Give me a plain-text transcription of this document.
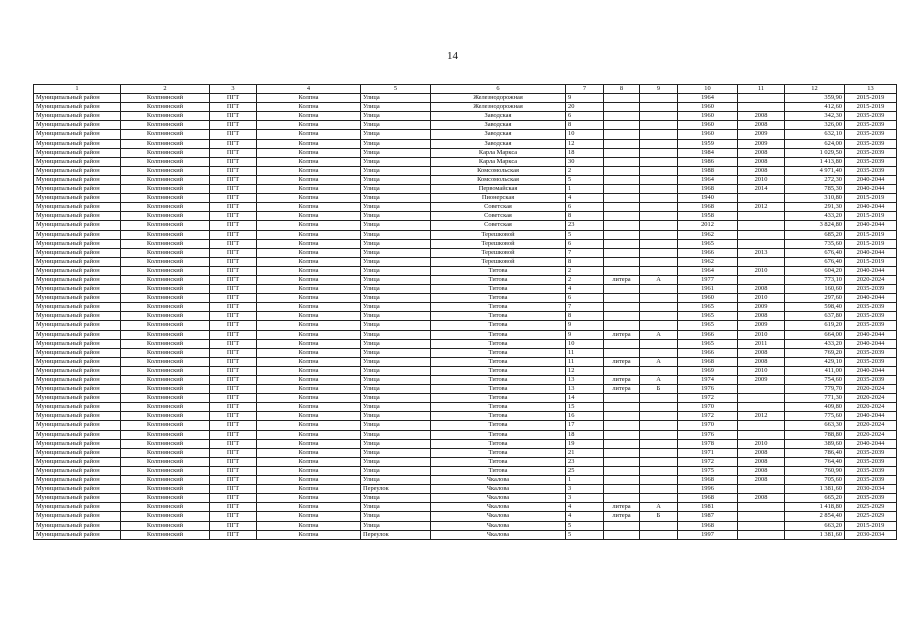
14
1	2	3	4	5	6	7	8	9	10	11	12	13
Муниципальный район	Колпнянский	ПГТ	Колпна	Улица	Железнодорожная	9			1964		359,90	2015-2019
Муниципальный район	Колпнянский	ПГТ	Колпна	Улица	Железнодорожная	20			1960		412,60	2015-2019
Муниципальный район	Колпнянский	ПГТ	Колпна	Улица	Заводская	6			1960	2008	342,30	2035-2039
Муниципальный район	Колпнянский	ПГТ	Колпна	Улица	Заводская	8			1960	2008	326,00	2035-2039
Муниципальный район	Колпнянский	ПГТ	Колпна	Улица	Заводская	10			1960	2009	632,10	2035-2039
Муниципальный район	Колпнянский	ПГТ	Колпна	Улица	Заводская	12			1959	2009	624,00	2035-2039
Муниципальный район	Колпнянский	ПГТ	Колпна	Улица	Карла Маркса	18			1984	2008	1 029,50	2035-2039
Муниципальный район	Колпнянский	ПГТ	Колпна	Улица	Карла Маркса	30			1986	2008	1 413,80	2035-2039
Муниципальный район	Колпнянский	ПГТ	Колпна	Улица	Комсомольская	2			1988	2008	4 971,40	2035-2039
Муниципальный район	Колпнянский	ПГТ	Колпна	Улица	Комсомольская	5			1964	2010	272,30	2040-2044
Муниципальный район	Колпнянский	ПГТ	Колпна	Улица	Первомайская	1			1968	2014	785,30	2040-2044
Муниципальный район	Колпнянский	ПГТ	Колпна	Улица	Пионерская	4			1940		310,80	2015-2019
Муниципальный район	Колпнянский	ПГТ	Колпна	Улица	Советская	6			1968	2012	291,30	2040-2044
Муниципальный район	Колпнянский	ПГТ	Колпна	Улица	Советская	8			1958		433,20	2015-2019
Муниципальный район	Колпнянский	ПГТ	Колпна	Улица	Советская	23			2012		3 824,80	2040-2044
Муниципальный район	Колпнянский	ПГТ	Колпна	Улица	Терешковой	5			1962		685,20	2015-2019
Муниципальный район	Колпнянский	ПГТ	Колпна	Улица	Терешковой	6			1965		735,60	2015-2019
Муниципальный район	Колпнянский	ПГТ	Колпна	Улица	Терешковой	7			1966	2013	676,40	2040-2044
Муниципальный район	Колпнянский	ПГТ	Колпна	Улица	Терешковой	8			1962		676,40	2015-2019
Муниципальный район	Колпнянский	ПГТ	Колпна	Улица	Титова	2			1964	2010	604,20	2040-2044
Муниципальный район	Колпнянский	ПГТ	Колпна	Улица	Титова	2	литера	А	1977		773,10	2020-2024
Муниципальный район	Колпнянский	ПГТ	Колпна	Улица	Титова	4			1961	2008	160,60	2035-2039
Муниципальный район	Колпнянский	ПГТ	Колпна	Улица	Титова	6			1960	2010	297,60	2040-2044
Муниципальный район	Колпнянский	ПГТ	Колпна	Улица	Титова	7			1965	2009	598,40	2035-2039
Муниципальный район	Колпнянский	ПГТ	Колпна	Улица	Титова	8			1965	2008	637,80	2035-2039
Муниципальный район	Колпнянский	ПГТ	Колпна	Улица	Титова	9			1965	2009	619,20	2035-2039
Муниципальный район	Колпнянский	ПГТ	Колпна	Улица	Титова	9	литера	А	1966	2010	664,00	2040-2044
Муниципальный район	Колпнянский	ПГТ	Колпна	Улица	Титова	10			1965	2011	433,20	2040-2044
Муниципальный район	Колпнянский	ПГТ	Колпна	Улица	Титова	11			1966	2008	769,20	2035-2039
Муниципальный район	Колпнянский	ПГТ	Колпна	Улица	Титова	11	литера	А	1968	2008	429,10	2035-2039
Муниципальный район	Колпнянский	ПГТ	Колпна	Улица	Титова	12			1969	2010	411,00	2040-2044
Муниципальный район	Колпнянский	ПГТ	Колпна	Улица	Титова	13	литера	А	1974	2009	754,60	2035-2039
Муниципальный район	Колпнянский	ПГТ	Колпна	Улица	Титова	13	литера	Б	1976		779,70	2020-2024
Муниципальный район	Колпнянский	ПГТ	Колпна	Улица	Титова	14			1972		771,30	2020-2024
Муниципальный район	Колпнянский	ПГТ	Колпна	Улица	Титова	15			1970		409,80	2020-2024
Муниципальный район	Колпнянский	ПГТ	Колпна	Улица	Титова	16			1972	2012	775,60	2040-2044
Муниципальный район	Колпнянский	ПГТ	Колпна	Улица	Титова	17			1970		663,30	2020-2024
Муниципальный район	Колпнянский	ПГТ	Колпна	Улица	Титова	18			1976		788,80	2020-2024
Муниципальный район	Колпнянский	ПГТ	Колпна	Улица	Титова	19			1978	2010	389,60	2040-2044
Муниципальный район	Колпнянский	ПГТ	Колпна	Улица	Титова	21			1971	2008	786,40	2035-2039
Муниципальный район	Колпнянский	ПГТ	Колпна	Улица	Титова	23			1972	2008	764,40	2035-2039
Муниципальный район	Колпнянский	ПГТ	Колпна	Улица	Титова	25			1975	2008	760,90	2035-2039
Муниципальный район	Колпнянский	ПГТ	Колпна	Улица	Чкалова	1			1968	2008	705,60	2035-2039
Муниципальный район	Колпнянский	ПГТ	Колпна	Переулок	Чкалова	3			1996		1 381,60	2030-2034
Муниципальный район	Колпнянский	ПГТ	Колпна	Улица	Чкалова	3			1968	2008	665,20	2035-2039
Муниципальный район	Колпнянский	ПГТ	Колпна	Улица	Чкалова	4	литера	А	1981		1 418,80	2025-2029
Муниципальный район	Колпнянский	ПГТ	Колпна	Улица	Чкалова	4	литера	Б	1987		2 854,40	2025-2029
Муниципальный район	Колпнянский	ПГТ	Колпна	Улица	Чкалова	5			1968		663,20	2015-2019
Муниципальный район	Колпнянский	ПГТ	Колпна	Переулок	Чкалова	5			1997		1 381,60	2030-2034
